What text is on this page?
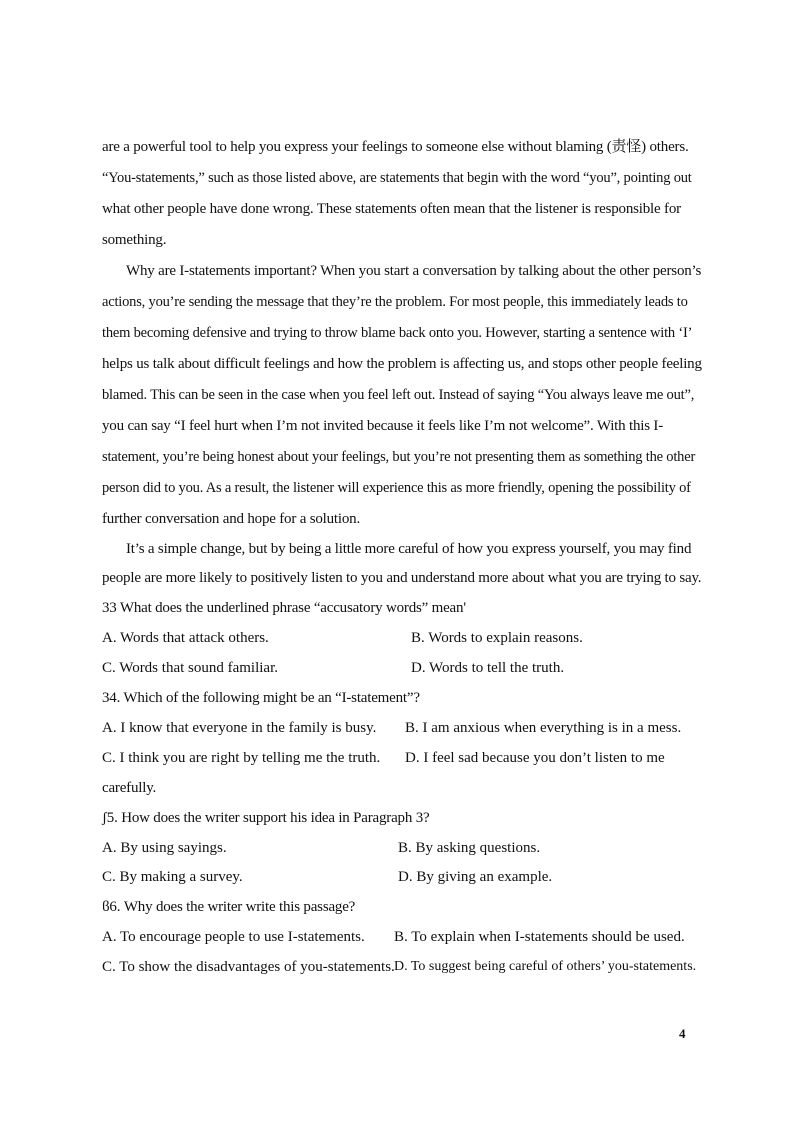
are a powerful tool to help you express your feelings to someone else without blaming (责怪) others.
“You-statements,” such as those listed above, are statements that begin with the word “you”, pointing out
what other people have done wrong. These statements often mean that the listener is responsible for
something.
Why are I-statements important? When you start a conversation by talking about the other person’s
actions, you’re sending the message that they’re the problem. For most people, this immediately leads to
them becoming defensive and trying to throw blame back onto you. However, starting a sentence with ‘I’
helps us talk about difficult feelings and how the problem is affecting us, and stops other people feeling
blamed. This can be seen in the case when you feel left out. Instead of saying “You always leave me out”,
you can say “I feel hurt when I’m not invited because it feels like I’m not welcome”. With this I-
statement, you’re being honest about your feelings, but you’re not presenting them as something the other
person did to you. As a result, the listener will experience this as more friendly, opening the possibility of
further conversation and hope for a solution.
It’s a simple change, but by being a little more careful of how you express yourself, you may find
people are more likely to positively listen to you and understand more about what you are trying to say.
33 What does the underlined phrase “accusatory words” mean'
A. Words that attack others.	B. Words to explain reasons.
C. Words that sound familiar.	D. Words to tell the truth.
34. Which of the following might be an “I-statement”?
A. I know that everyone in the family is busy. B. I am anxious when everything is in a mess.
C. I think you are right by telling me the truth. D. I feel sad because you don’t listen to me
carefully.
ʃ5. How does the writer support his idea in Paragraph 3?
A. By using sayings.	B. By asking questions.
C. By making a survey.	D. By giving an example.
ϐ6. Why does the writer write this passage?
A. To encourage people to use I-statements. B. To explain when I-statements should be used.
C. To show the disadvantages of you-statements. D. To suggest being careful of others’ you-statements.
4
